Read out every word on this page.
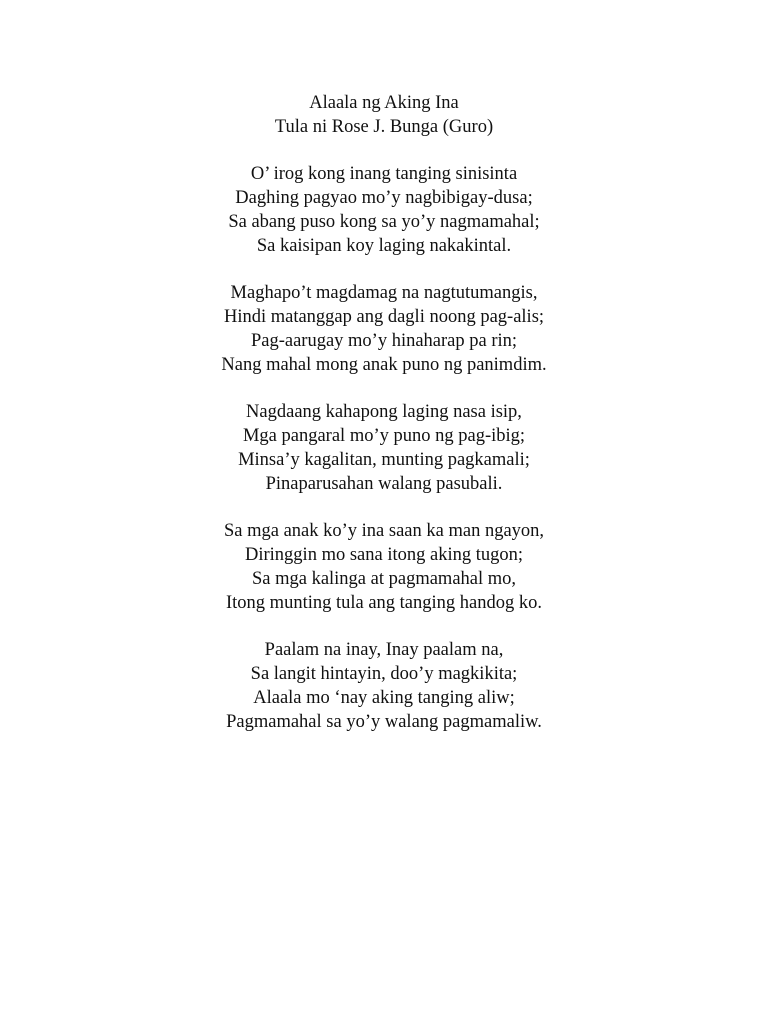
Alaala ng Aking Ina
Tula ni Rose J. Bunga (Guro)
O’ irog kong inang tanging sinisinta
Daghing pagyao mo’y nagbibigay-dusa;
Sa abang puso kong sa yo’y nagmamahal;
Sa kaisipan koy laging nakakintal.
Maghapo’t magdamag na nagtutumangis,
Hindi matanggap ang dagli noong pag-alis;
Pag-aarugay mo’y hinaharap pa rin;
Nang mahal mong anak puno ng panimdim.
Nagdaang kahapong laging nasa isip,
Mga pangaral mo’y puno ng pag-ibig;
Minsa’y kagalitan, munting pagkamali;
Pinaparusahan walang pasubali.
Sa mga anak ko’y ina saan ka man ngayon,
Diringgin mo sana itong aking tugon;
Sa mga kalinga at pagmamahal mo,
Itong munting tula ang tanging handog ko.
Paalam na inay, Inay paalam na,
Sa langit hintayin, doo’y magkikita;
Alaala mo ‘nay aking tanging aliw;
Pagmamahal sa yo’y walang pagmamaliw.
